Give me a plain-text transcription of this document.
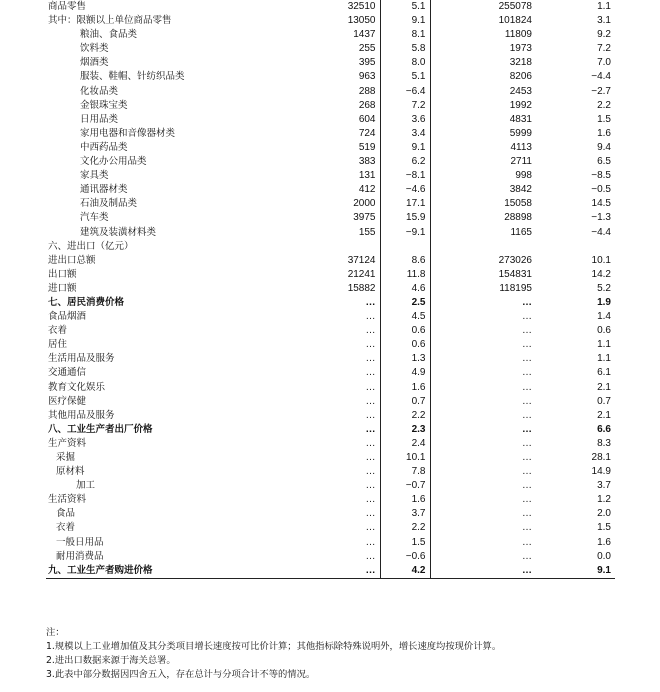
商品零售	32510	5.1	255078	1.1
其中：限额以上单位商品零售	13050	9.1	101824	3.1
粮油、食品类	1437	8.1	11809	9.2
饮料类	255	5.8	1973	7.2
烟酒类	395	8.0	3218	7.0
服装、鞋帽、针纺织品类	963	5.1	8206	−4.4
化妆品类	288	−6.4	2453	−2.7
金银珠宝类	268	7.2	1992	2.2
日用品类	604	3.6	4831	1.5
家用电器和音像器材类	724	3.4	5999	1.6
中西药品类	519	9.1	4113	9.4
文化办公用品类	383	6.2	2711	6.5
家具类	131	−8.1	998	−8.5
通讯器材类	412	−4.6	3842	−0.5
石油及制品类	2000	17.1	15058	14.5
汽车类	3975	15.9	28898	−1.3
建筑及装潢材料类	155	−9.1	1165	−4.4
六、进出口（亿元）				
进出口总额	37124	8.6	273026	10.1
出口额	21241	11.8	154831	14.2
进口额	15882	4.6	118195	5.2
七、居民消费价格	…	2.5	…	1.9
食品烟酒	…	4.5	…	1.4
衣着	…	0.6	…	0.6
居住	…	0.6	…	1.1
生活用品及服务	…	1.3	…	1.1
交通通信	…	4.9	…	6.1
教育文化娱乐	…	1.6	…	2.1
医疗保健	…	0.7	…	0.7
其他用品及服务	…	2.2	…	2.1
八、工业生产者出厂价格	…	2.3	…	6.6
生产资料	…	2.4	…	8.3
采掘	…	10.1	…	28.1
原材料	…	7.8	…	14.9
加工	…	−0.7	…	3.7
生活资料	…	1.6	…	1.2
食品	…	3.7	…	2.0
衣着	…	2.2	…	1.5
一般日用品	…	1.5	…	1.6
耐用消费品	…	−0.6	…	0.0
九、工业生产者购进价格	…	4.2	…	9.1
注：
1.规模以上工业增加值及其分类项目增长速度按可比价计算；其他指标除特殊说明外，增长速度均按现价计算。
2.进出口数据来源于海关总署。
3.此表中部分数据因四舍五入，存在总计与分项合计不等的情况。
